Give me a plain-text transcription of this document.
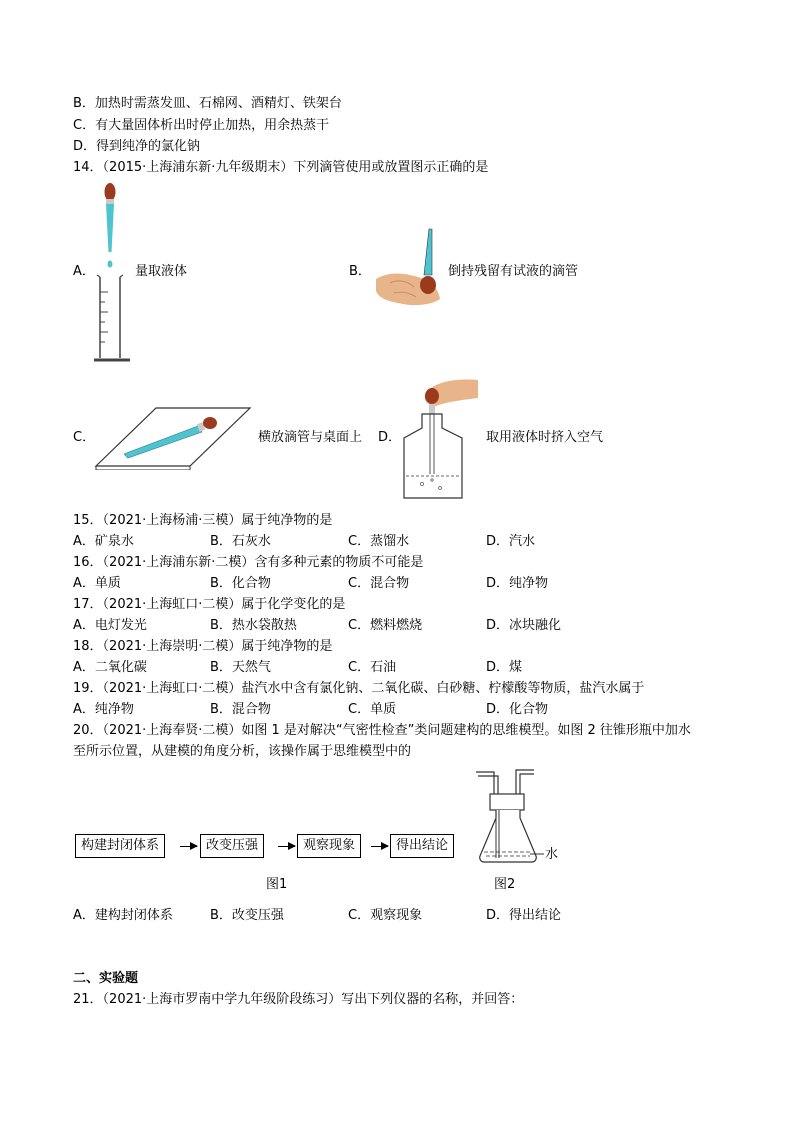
B．加热时需蒸发皿、石棉网、酒精灯、铁架台
C．有大量固体析出时停止加热，用余热蒸干
D．得到纯净的氯化钠
14．（2015·上海浦东新·九年级期末）下列滴管使用或放置图示正确的是
A．	量取液体	B．	倒持残留有试液的滴管
C．	横放滴管与桌面上 D．	取用液体时挤入空气
15．（2021·上海杨浦·三模）属于纯净物的是
A．矿泉水	B．石灰水	C．蒸馏水	D．汽水
16．（2021·上海浦东新·二模）含有多种元素的物质不可能是
A．单质	B．化合物	C．混合物	D．纯净物
17．（2021·上海虹口·二模）属于化学变化的是
A．电灯发光	B．热水袋散热	C．燃料燃烧	D．冰块融化
18．（2021·上海崇明·二模）属于纯净物的是
A．二氧化碳	B．天然气	C．石油	D．煤
19．（2021·上海虹口·二模）盐汽水中含有氯化钠、二氧化碳、白砂糖、柠檬酸等物质，盐汽水属于
A．纯净物	B．混合物	C．单质	D．化合物
20．（2021·上海奉贤·二模）如图 1 是对解决“气密性检查”类问题建构的思维模型。如图 2 往锥形瓶中加水
至所示位置，从建模的角度分析，该操作属于思维模型中的
构建封闭体系	改变压强	观察现象	得出结论
图1
水
图2
A．建构封闭体系	B．改变压强	C．观察现象	D．得出结论
二、实验题
21．（2021·上海市罗南中学九年级阶段练习）写出下列仪器的名称，并回答：
